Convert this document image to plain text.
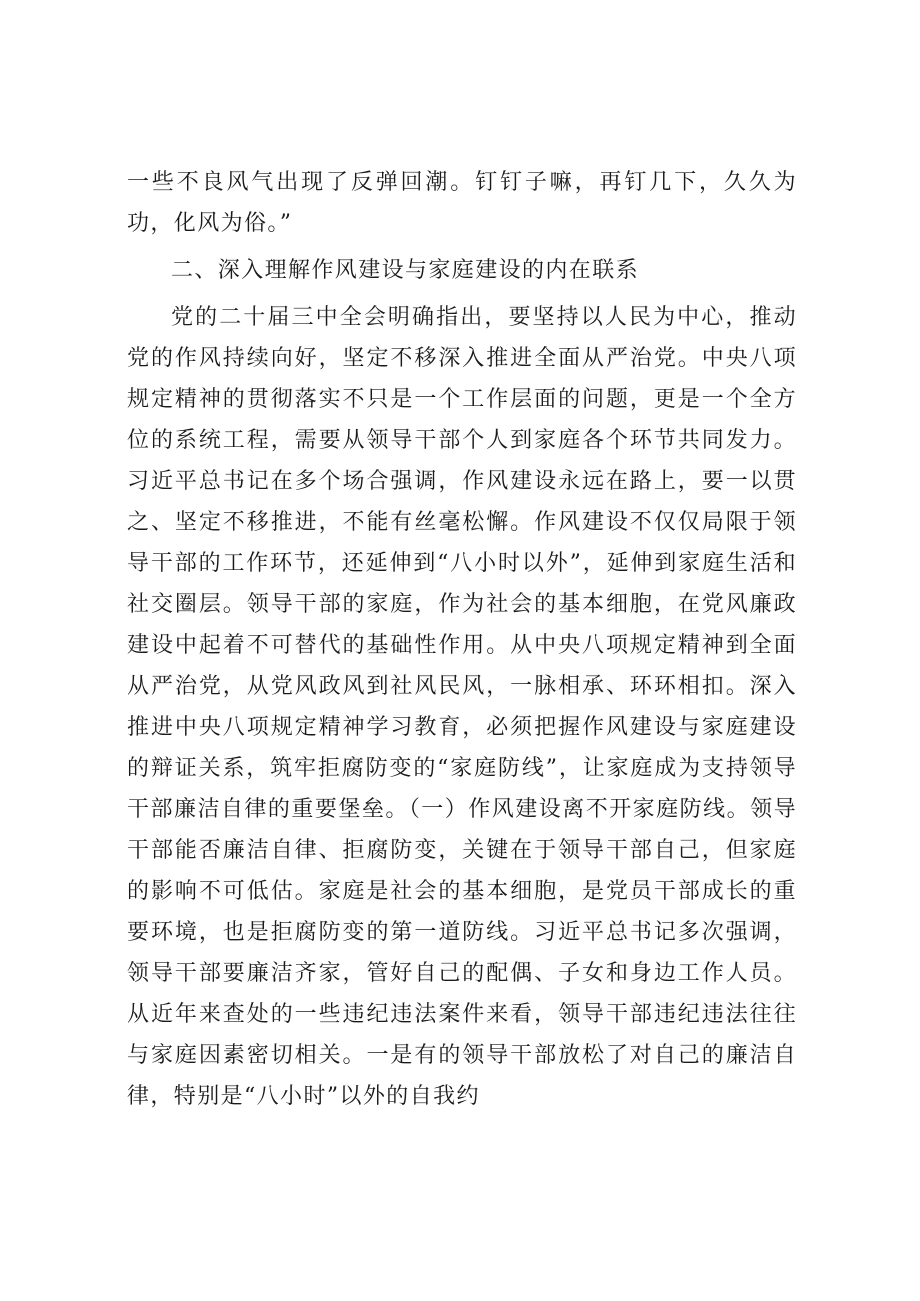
一些不良风气出现了反弹回潮。钉钉子嘛，再钉几下，久久为功，化风为俗。”

二、深入理解作风建设与家庭建设的内在联系

党的二十届三中全会明确指出，要坚持以人民为中心，推动党的作风持续向好，坚定不移深入推进全面从严治党。中央八项规定精神的贯彻落实不只是一个工作层面的问题，更是一个全方位的系统工程，需要从领导干部个人到家庭各个环节共同发力。习近平总书记在多个场合强调，作风建设永远在路上，要一以贯之、坚定不移推进，不能有丝毫松懈。作风建设不仅仅局限于领导干部的工作环节，还延伸到“八小时以外”，延伸到家庭生活和社交圈层。领导干部的家庭，作为社会的基本细胞，在党风廉政建设中起着不可替代的基础性作用。从中央八项规定精神到全面从严治党，从党风政风到社风民风，一脉相承、环环相扣。深入推进中央八项规定精神学习教育，必须把握作风建设与家庭建设的辩证关系，筑牢拒腐防变的“家庭防线”，让家庭成为支持领导干部廉洁自律的重要堡垒。（一）作风建设离不开家庭防线。领导干部能否廉洁自律、拒腐防变，关键在于领导干部自己，但家庭的影响不可低估。家庭是社会的基本细胞，是党员干部成长的重要环境，也是拒腐防变的第一道防线。习近平总书记多次强调，领导干部要廉洁齐家，管好自己的配偶、子女和身边工作人员。从近年来查处的一些违纪违法案件来看，领导干部违纪违法往往与家庭因素密切相关。一是有的领导干部放松了对自己的廉洁自律，特别是“八小时”以外的自我约
